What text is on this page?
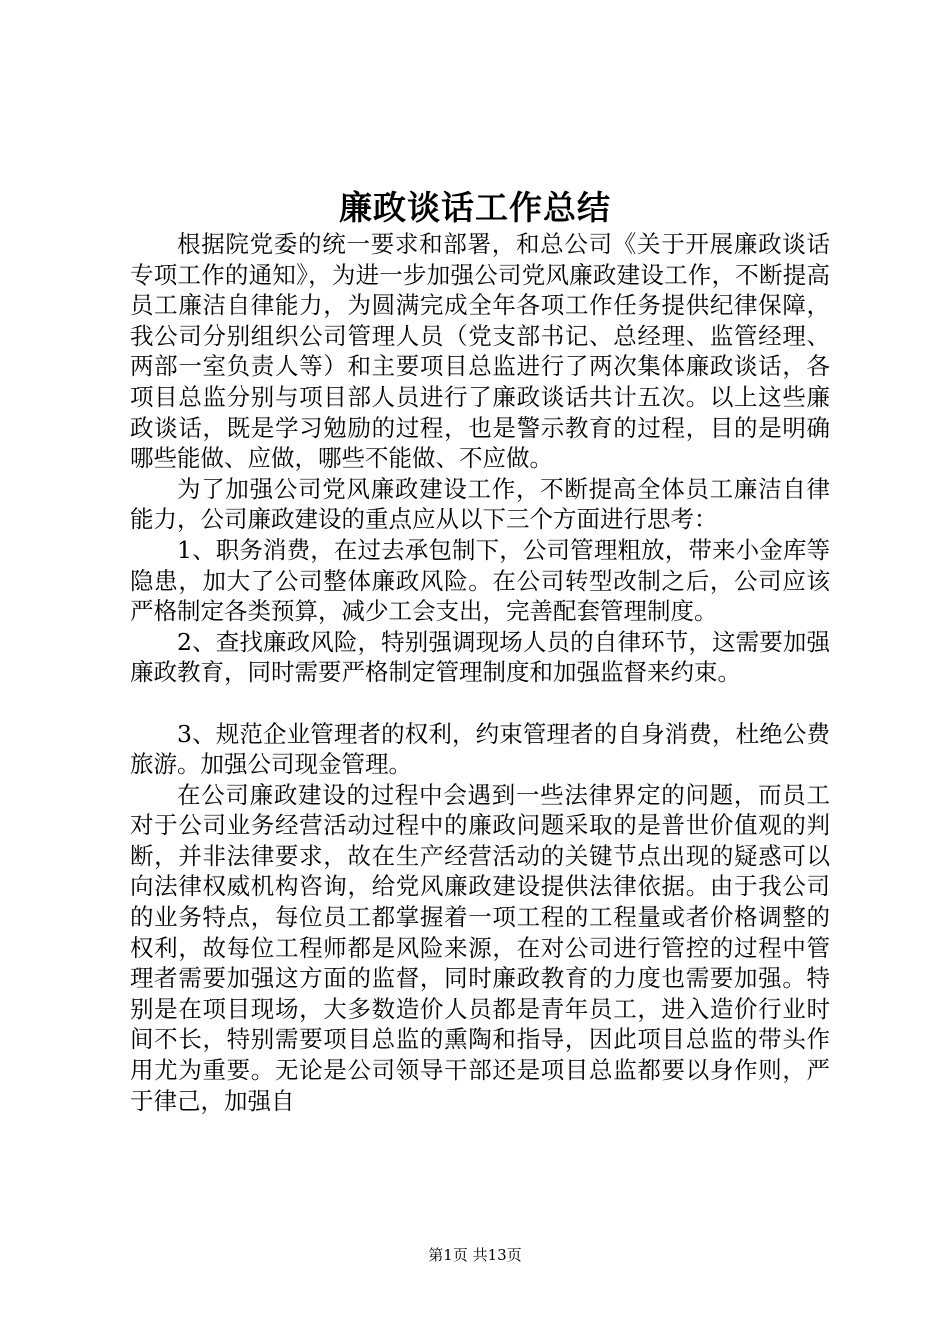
廉政谈话工作总结

根据院党委的统一要求和部署，和总公司《关于开展廉政谈话专项工作的通知》，为进一步加强公司党风廉政建设工作，不断提高员工廉洁自律能力，为圆满完成全年各项工作任务提供纪律保障，我公司分别组织公司管理人员（党支部书记、总经理、监管经理、两部一室负责人等）和主要项目总监进行了两次集体廉政谈话，各项目总监分别与项目部人员进行了廉政谈话共计五次。以上这些廉政谈话，既是学习勉励的过程，也是警示教育的过程，目的是明确哪些能做、应做，哪些不能做、不应做。

为了加强公司党风廉政建设工作，不断提高全体员工廉洁自律能力，公司廉政建设的重点应从以下三个方面进行思考：

1、职务消费，在过去承包制下，公司管理粗放，带来小金库等隐患，加大了公司整体廉政风险。在公司转型改制之后，公司应该严格制定各类预算，减少工会支出，完善配套管理制度。

2、查找廉政风险，特别强调现场人员的自律环节，这需要加强廉政教育，同时需要严格制定管理制度和加强监督来约束。

3、规范企业管理者的权利，约束管理者的自身消费，杜绝公费旅游。加强公司现金管理。

在公司廉政建设的过程中会遇到一些法律界定的问题，而员工对于公司业务经营活动过程中的廉政问题采取的是普世价值观的判断，并非法律要求，故在生产经营活动的关键节点出现的疑惑可以向法律权威机构咨询，给党风廉政建设提供法律依据。由于我公司的业务特点，每位员工都掌握着一项工程的工程量或者价格调整的权利，故每位工程师都是风险来源，在对公司进行管控的过程中管理者需要加强这方面的监督，同时廉政教育的力度也需要加强。特别是在项目现场，大多数造价人员都是青年员工，进入造价行业时间不长，特别需要项目总监的熏陶和指导，因此项目总监的带头作用尤为重要。无论是公司领导干部还是项目总监都要以身作则，严于律己，加强自

第1页 共13页
